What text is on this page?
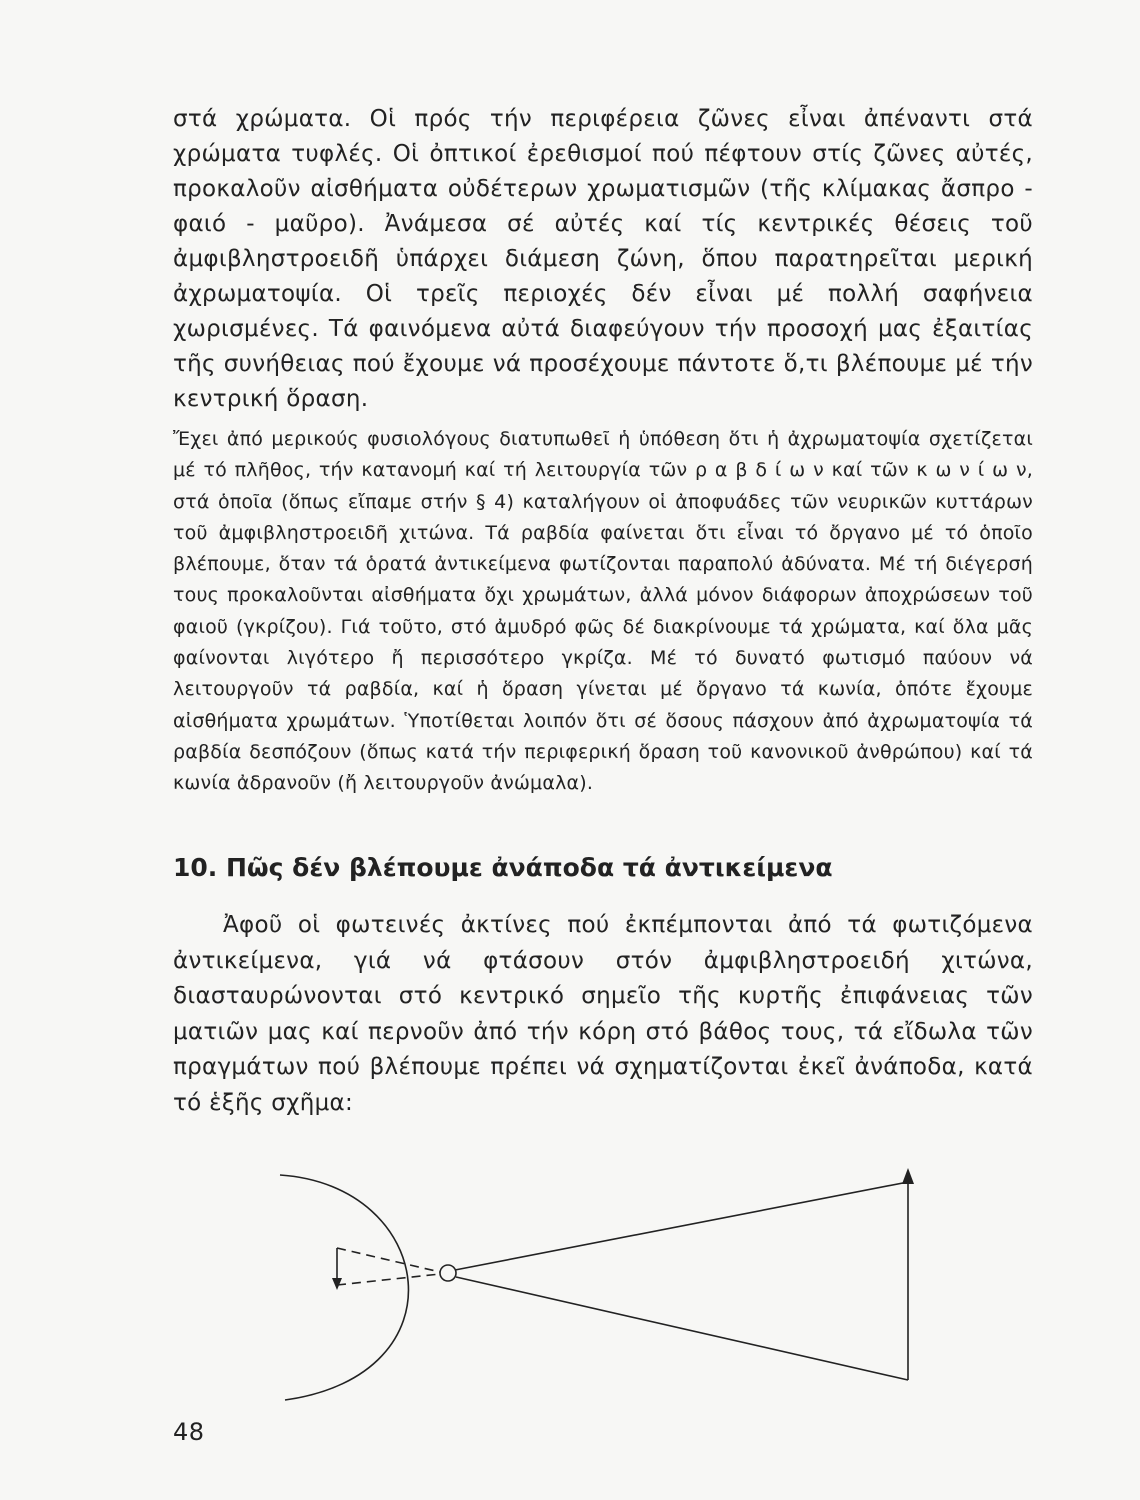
στά χρώματα. Οἱ πρός τήν περιφέρεια ζῶνες εἶναι ἀπέναντι στά χρώματα τυφλές. Οἱ ὀπτικοί ἐρεθισμοί πού πέφτουν στίς ζῶνες αὐτές, προκαλοῦν αἰσθήματα οὐδέτερων χρωματισμῶν (τῆς κλίμακας ἄσπρο - φαιό - μαῦρο). Ἀνάμεσα σέ αὐτές καί τίς κεντρικές θέσεις τοῦ ἀμφιβληστροειδῆ ὑπάρχει διάμεση ζώνη, ὅπου παρατηρεῖται μερική ἀχρωματοψία. Οἱ τρεῖς περιοχές δέν εἶναι μέ πολλή σαφήνεια χωρισμένες. Τά φαινόμενα αὐτά διαφεύγουν τήν προσοχή μας ἐξαιτίας τῆς συνήθειας πού ἔχουμε νά προσέχουμε πάντοτε ὅ,τι βλέπουμε μέ τήν κεντρική ὅραση.

Ἔχει ἀπό μερικούς φυσιολόγους διατυπωθεῖ ἡ ὑπόθεση ὅτι ἡ ἀχρωματοψία σχετίζεται μέ τό πλῆθος, τήν κατανομή καί τή λειτουργία τῶν ρ α β δ ί ω ν καί τῶν κ ω ν ί ω ν, στά ὁποῖα (ὅπως εἴπαμε στήν § 4) καταλήγουν οἱ ἀποφυάδες τῶν νευρικῶν κυττάρων τοῦ ἀμφιβληστροειδῆ χιτώνα. Τά ραβδία φαίνεται ὅτι εἶναι τό ὄργανο μέ τό ὁποῖο βλέπουμε, ὅταν τά ὁρατά ἀντικείμενα φωτίζονται παραπολύ ἀδύνατα. Μέ τή διέγερσή τους προκαλοῦνται αἰσθήματα ὄχι χρωμάτων, ἀλλά μόνον διάφορων ἀποχρώσεων τοῦ φαιοῦ (γκρίζου). Γιά τοῦτο, στό ἀμυδρό φῶς δέ διακρίνουμε τά χρώματα, καί ὅλα μᾶς φαίνονται λιγότερο ἤ περισσότερο γκρίζα. Μέ τό δυνατό φωτισμό παύουν νά λειτουργοῦν τά ραβδία, καί ἡ ὅραση γίνεται μέ ὄργανο τά κωνία, ὁπότε ἔχουμε αἰσθήματα χρωμάτων. Ὑποτίθεται λοιπόν ὅτι σέ ὅσους πάσχουν ἀπό ἀχρωματοψία τά ραβδία δεσπόζουν (ὅπως κατά τήν περιφερική ὅραση τοῦ κανονικοῦ ἀνθρώπου) καί τά κωνία ἀδρανοῦν (ἤ λειτουργοῦν ἀνώμαλα).

10. Πῶς δέν βλέπουμε ἀνάποδα τά ἀντικείμενα

Ἀφοῦ οἱ φωτεινές ἀκτίνες πού ἐκπέμπονται ἀπό τά φωτιζόμενα ἀντικείμενα, γιά νά φτάσουν στόν ἀμφιβληστροειδή χιτώνα, διασταυρώνονται στό κεντρικό σημεῖο τῆς κυρτῆς ἐπιφάνειας τῶν ματιῶν μας καί περνοῦν ἀπό τήν κόρη στό βάθος τους, τά εἴδωλα τῶν πραγμάτων πού βλέπουμε πρέπει νά σχηματίζονται ἐκεῖ ἀνάποδα, κατά τό ἑξῆς σχῆμα:

48
